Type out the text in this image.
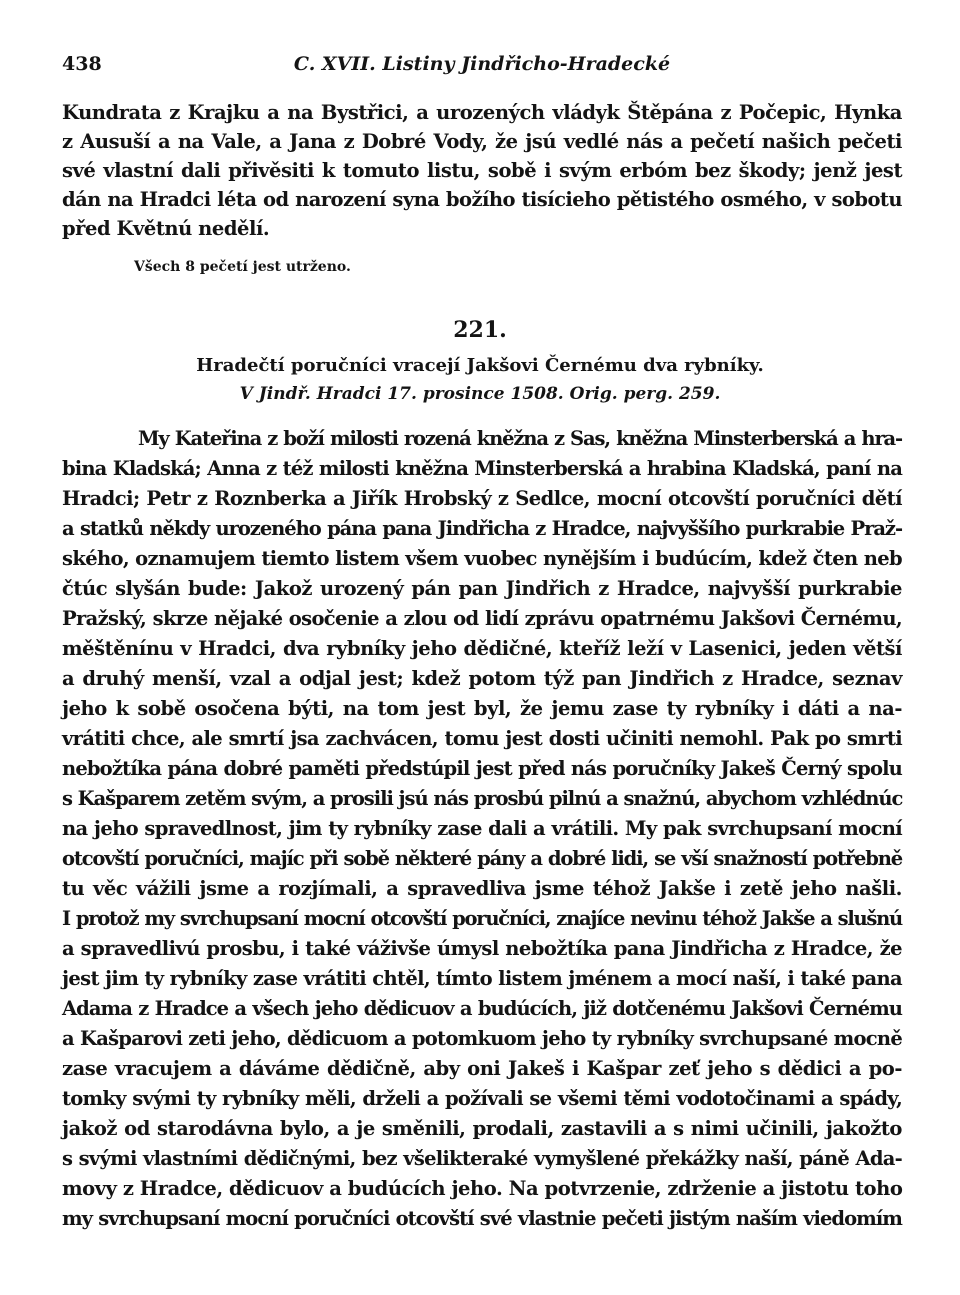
438	C. XVII. Listiny Jindřicho-Hradecké

Kundrata z Krajku a na Bystřici, a urozených vládyk Štěpána z Počepic, Hynka

z Ausuší a na Vale, a Jana z Dobré Vody, že jsú vedlé nás a pečetí našich pečeti

své vlastní dali přivěsiti k tomuto listu, sobě i svým erbóm bez škody; jenž jest

dán na Hradci léta od narození syna božího tisícieho pětistého osmého, v sobotu

před Květnú nedělí.

Všech 8 pečetí jest utrženo.
221.
Hradečtí poručníci vracejí Jakšovi Černému dva rybníky.
V Jindř. Hradci 17. prosince 1508. Orig. perg. 259.

My Kateřina z boží milosti rozená kněžna z Sas, kněžna Minsterberská a hra-

bina Kladská; Anna z též milosti kněžna Minsterberská a hrabina Kladská, paní na

Hradci; Petr z Roznberka a Jiřík Hrobský z Sedlce, mocní otcovští poručníci dětí

a statků někdy urozeného pána pana Jindřicha z Hradce, najvyššího purkrabie Praž-

ského, oznamujem tiemto listem všem vuobec nynějším i budúcím, kdež čten neb

čtúc slyšán bude: Jakož urozený pán pan Jindřich z Hradce, najvyšší purkrabie

Pražský, skrze nějaké osočenie a zlou od lidí zprávu opatrnému Jakšovi Černému,

měštěnínu v Hradci, dva rybníky jeho dědičné, kteříž leží v Lasenici, jeden větší

a druhý menší, vzal a odjal jest; kdež potom týž pan Jindřich z Hradce, seznav

jeho k sobě osočena býti, na tom jest byl, že jemu zase ty rybníky i dáti a na-

vrátiti chce, ale smrtí jsa zachvácen, tomu jest dosti učiniti nemohl. Pak po smrti

nebožtíka pána dobré paměti předstúpil jest před nás poručníky Jakeš Černý spolu

s Kašparem zetěm svým, a prosili jsú nás prosbú pilnú a snažnú, abychom vzhlédnúc

na jeho spravedlnost, jim ty rybníky zase dali a vrátili. My pak svrchupsaní mocní

otcovští poručníci, majíc při sobě některé pány a dobré lidi, se vší snažností potřebně

tu věc vážili jsme a rozjímali, a spravedliva jsme téhož Jakše i zetě jeho našli.

I protož my svrchupsaní mocní otcovští poručníci, znajíce nevinu téhož Jakše a slušnú

a spravedlivú prosbu, i také váživše úmysl nebožtíka pana Jindřicha z Hradce, že

jest jim ty rybníky zase vrátiti chtěl, tímto listem jménem a mocí naší, i také pana

Adama z Hradce a všech jeho dědicuov a budúcích, již dotčenému Jakšovi Černému

a Kašparovi zeti jeho, dědicuom a potomkuom jeho ty rybníky svrchupsané mocně

zase vracujem a dáváme dědičně, aby oni Jakeš i Kašpar zeť jeho s dědici a po-

tomky svými ty rybníky měli, drželi a požívali se všemi těmi vodotočinami a spády,

jakož od starodávna bylo, a je směnili, prodali, zastavili a s nimi učinili, jakožto

s svými vlastními dědičnými, bez všelikteraké vymyšlené překážky naší, páně Ada-

movy z Hradce, dědicuov a budúcích jeho. Na potvrzenie, zdrženie a jistotu toho

my svrchupsaní mocní poručníci otcovští své vlastnie pečeti jistým naším viedomím
